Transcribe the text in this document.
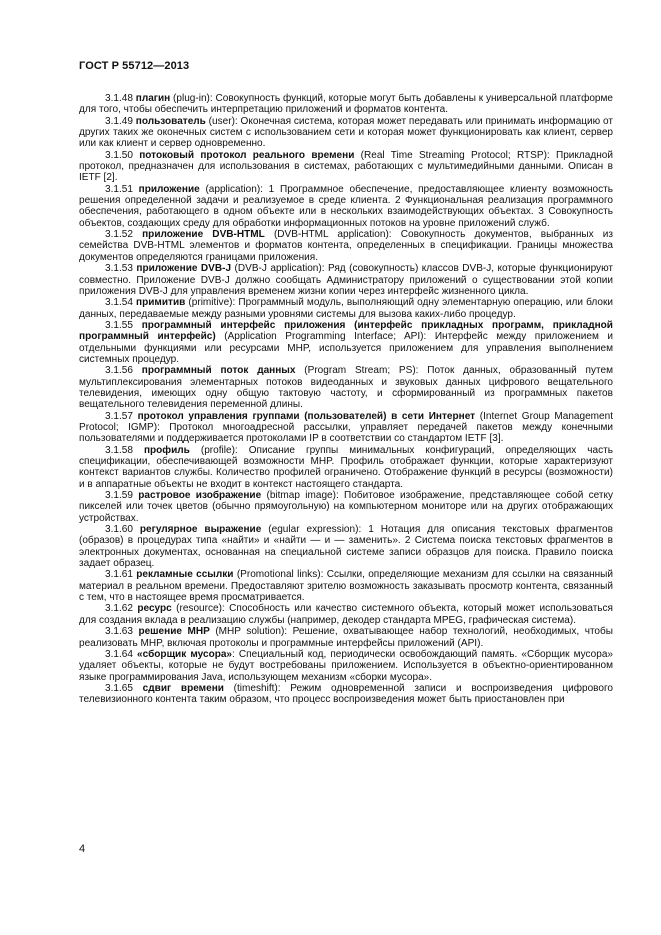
ГОСТ Р 55712—2013

3.1.48 плагин (plug-in): Совокупность функций, которые могут быть добавлены к универсальной платформе для того, чтобы обеспечить интерпретацию приложений и форматов контента.

3.1.49 пользователь (user): Оконечная система, которая может передавать или принимать информацию от других таких же оконечных систем с использованием сети и которая может функционировать как клиент, сервер или как клиент и сервер одновременно.

3.1.50 потоковый протокол реального времени (Real Time Streaming Protocol; RTSP): Прикладной протокол, предназначен для использования в системах, работающих с мультимедийными данными. Описан в IETF [2].

3.1.51 приложение (application): 1 Программное обеспечение, предоставляющее клиенту возможность решения определенной задачи и реализуемое в среде клиента. 2 Функциональная реализация программного обеспечения, работающего в одном объекте или в нескольких взаимодействующих объектах. 3 Совокупность объектов, создающих среду для обработки информационных потоков на уровне приложений служб.

3.1.52 приложение DVB-HTML (DVB-HTML application): Совокупность документов, выбранных из семейства DVB-HTML элементов и форматов контента, определенных в спецификации. Границы множества документов определяются границами приложения.

3.1.53 приложение DVB-J (DVB-J application): Ряд (совокупность) классов DVB-J, которые функционируют совместно. Приложение DVB-J должно сообщать Администратору приложений о существовании этой копии приложения DVB-J для управления временем жизни копии через интерфейс жизненного цикла.

3.1.54 примитив (primitive): Программный модуль, выполняющий одну элементарную операцию, или блоки данных, передаваемые между разными уровнями системы для вызова каких-либо процедур.

3.1.55 программный интерфейс приложения (интерфейс прикладных программ, прикладной программный интерфейс) (Application Programming Interface; API): Интерфейс между приложением и отдельными функциями или ресурсами MHP, используется приложением для управления выполнением системных процедур.

3.1.56 программный поток данных (Program Stream; PS): Поток данных, образованный путем мультиплексирования элементарных потоков видеоданных и звуковых данных цифрового вещательного телевидения, имеющих одну общую тактовую частоту, и сформированный из программных пакетов вещательного телевидения переменной длины.

3.1.57 протокол управления группами (пользователей) в сети Интернет (Internet Group Management Protocol; IGMP): Протокол многоадресной рассылки, управляет передачей пакетов между конечными пользователями и поддерживается протоколами IP в соответствии со стандартом IETF [3].

3.1.58 профиль (profile): Описание группы минимальных конфигураций, определяющих часть спецификации, обеспечивающей возможности MHP. Профиль отображает функции, которые характеризуют контекст вариантов службы. Количество профилей ограничено. Отображение функций в ресурсы (возможности) и в аппаратные объекты не входит в контекст настоящего стандарта.

3.1.59 растровое изображение (bitmap image): Побитовое изображение, представляющее собой сетку пикселей или точек цветов (обычно прямоугольную) на компьютерном мониторе или на других отображающих устройствах.

3.1.60 регулярное выражение (egular expression): 1 Нотация для описания текстовых фрагментов (образов) в процедурах типа «найти» и «найти — и — заменить». 2 Система поиска текстовых фрагментов в электронных документах, основанная на специальной системе записи образцов для поиска. Правило поиска задает образец.

3.1.61 рекламные ссылки (Promotional links): Ссылки, определяющие механизм для ссылки на связанный материал в реальном времени. Предоставляют зрителю возможность заказывать просмотр контента, связанный с тем, что в настоящее время просматривается.

3.1.62 ресурс (resource): Способность или качество системного объекта, который может использоваться для создания вклада в реализацию службы (например, декодер стандарта MPEG, графическая система).

3.1.63 решение MHP (MHP solution): Решение, охватывающее набор технологий, необходимых, чтобы реализовать MHP, включая протоколы и программные интерфейсы приложений (API).

3.1.64 «сборщик мусора»: Специальный код, периодически освобождающий память. «Сборщик мусора» удаляет объекты, которые не будут востребованы приложением. Используется в объектно-ориентированном языке программирования Java, использующем механизм «сборки мусора».

3.1.65 сдвиг времени (timeshift): Режим одновременной записи и воспроизведения цифрового телевизионного контента таким образом, что процесс воспроизведения может быть приостановлен при

4
